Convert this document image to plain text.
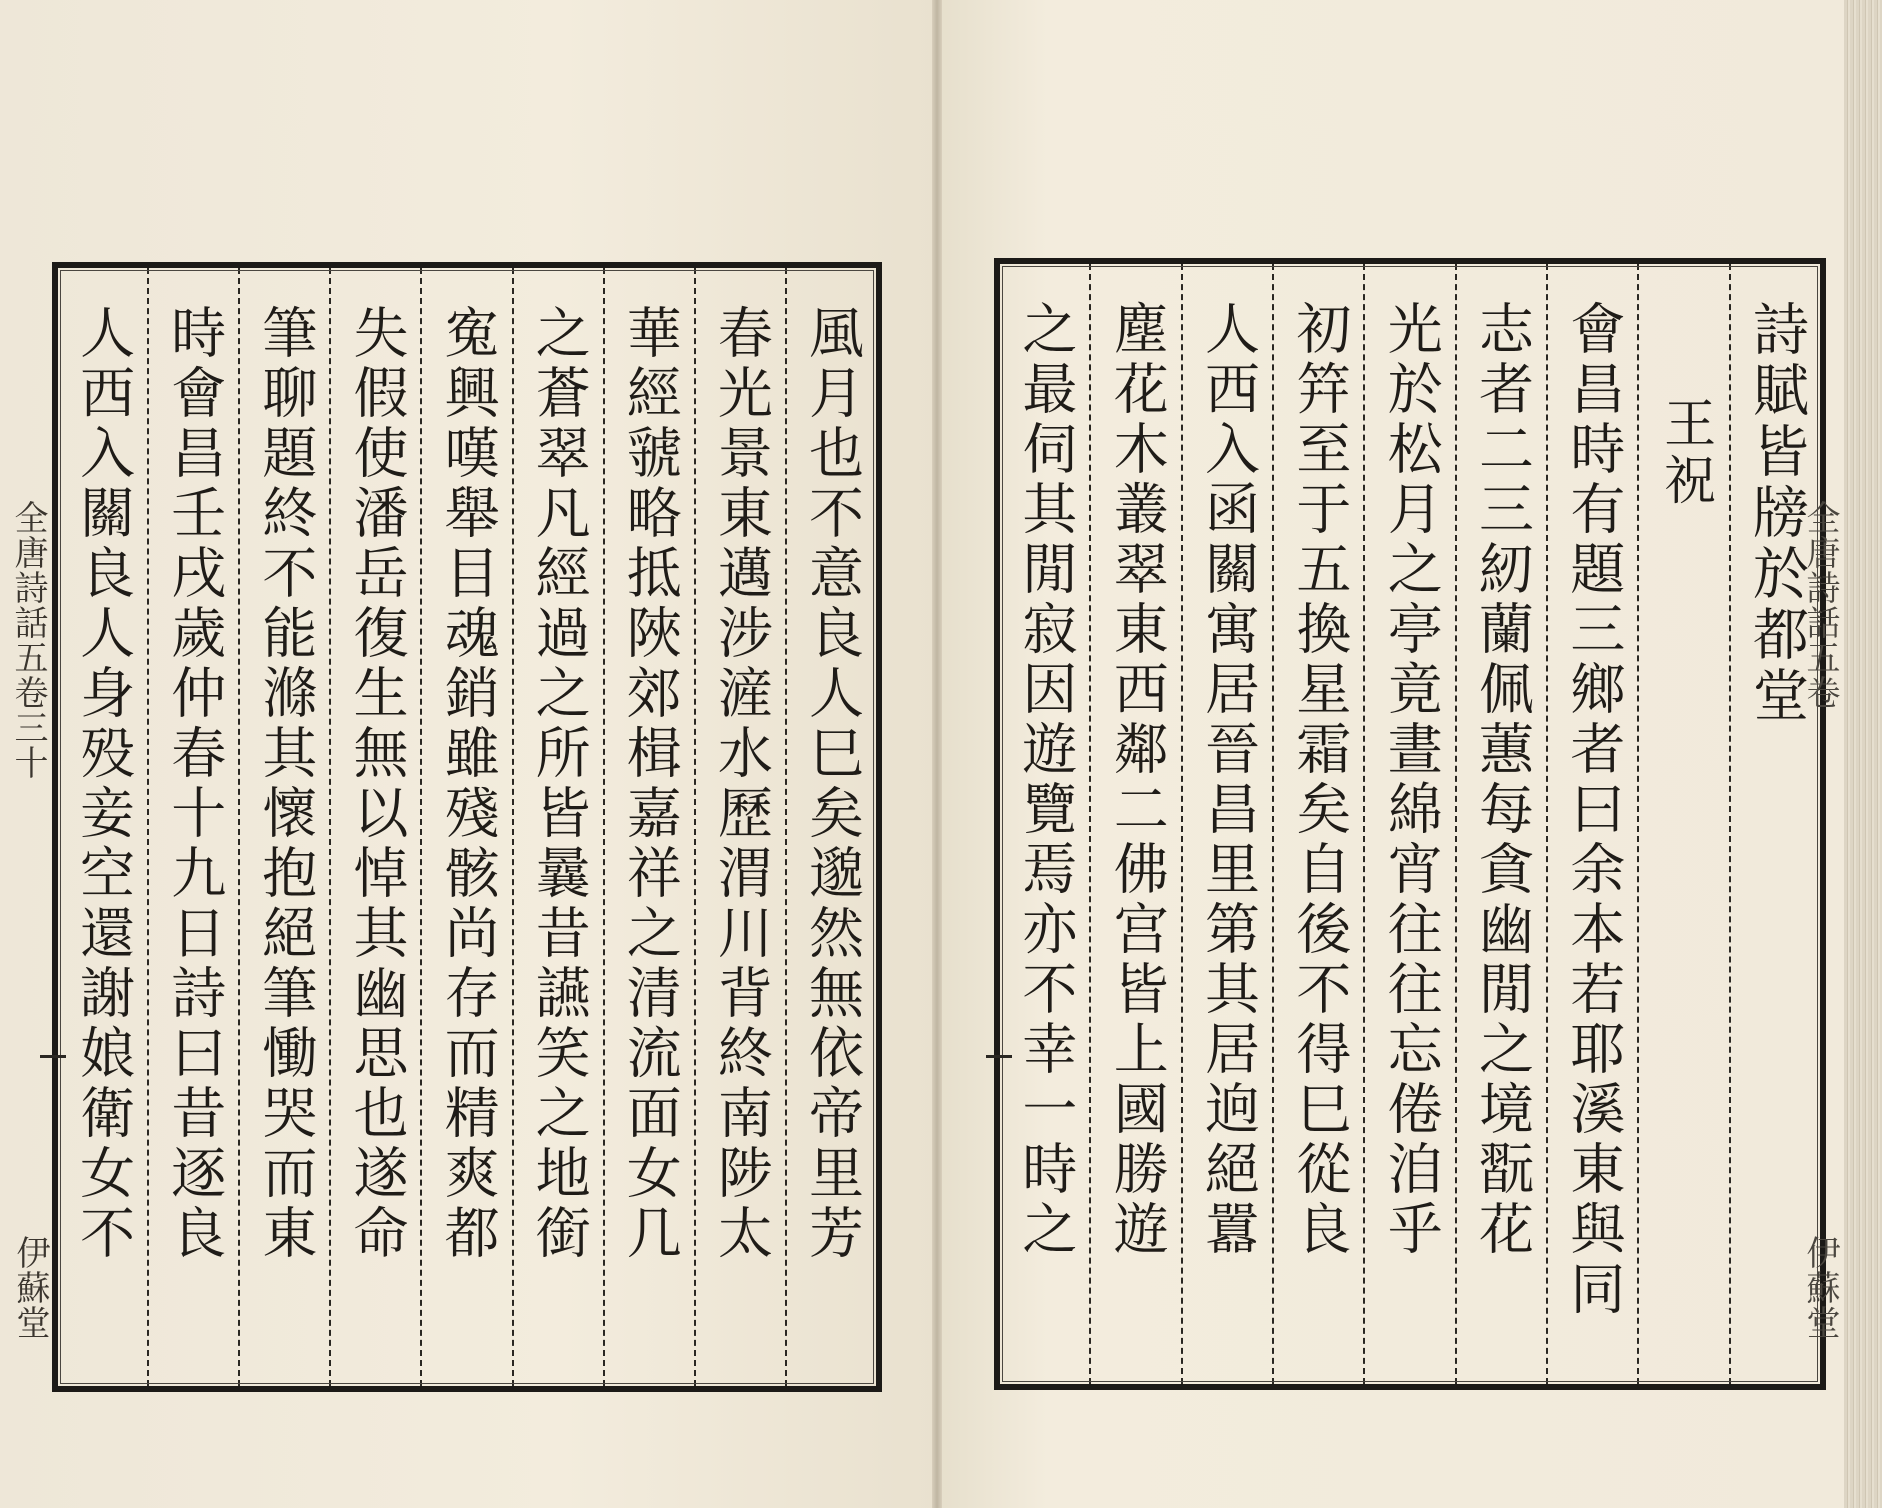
風月也不意良人巳矣邈然無依帝里芳
春光景東邁涉滻水歷渭川背終南陟太
華經虢略抵陜郊楫嘉祥之清流面女几
之蒼翠凡經過之所皆曩昔讌笑之地銜
寃興嘆舉目魂銷雖殘骸尚存而精爽都
失假使潘岳復生無以悼其幽思也遂命
筆聊題終不能滌其懷抱絕筆慟哭而東
時會昌壬戌歲仲春十九日詩曰昔逐良
人西入關良人身殁妾空還謝娘衛女不	詩賦皆牓於都堂
王祝
會昌時有題三鄉者曰余本若耶溪東與同
志者二三紉蘭佩蕙每貪幽閒之境翫花
光於松月之亭竟晝綿宵往往忘倦洎乎
初筓至于五換星霜矣自後不得巳從良
人西入函關寓居晉昌里第其居逈絕囂
塵花木叢翠東西鄰二佛宫皆上國勝遊
之最伺其閒寂因遊覽焉亦不幸一時之
全唐詩話五卷三十
伊蘇堂
全唐詩話五卷
伊蘇堂
